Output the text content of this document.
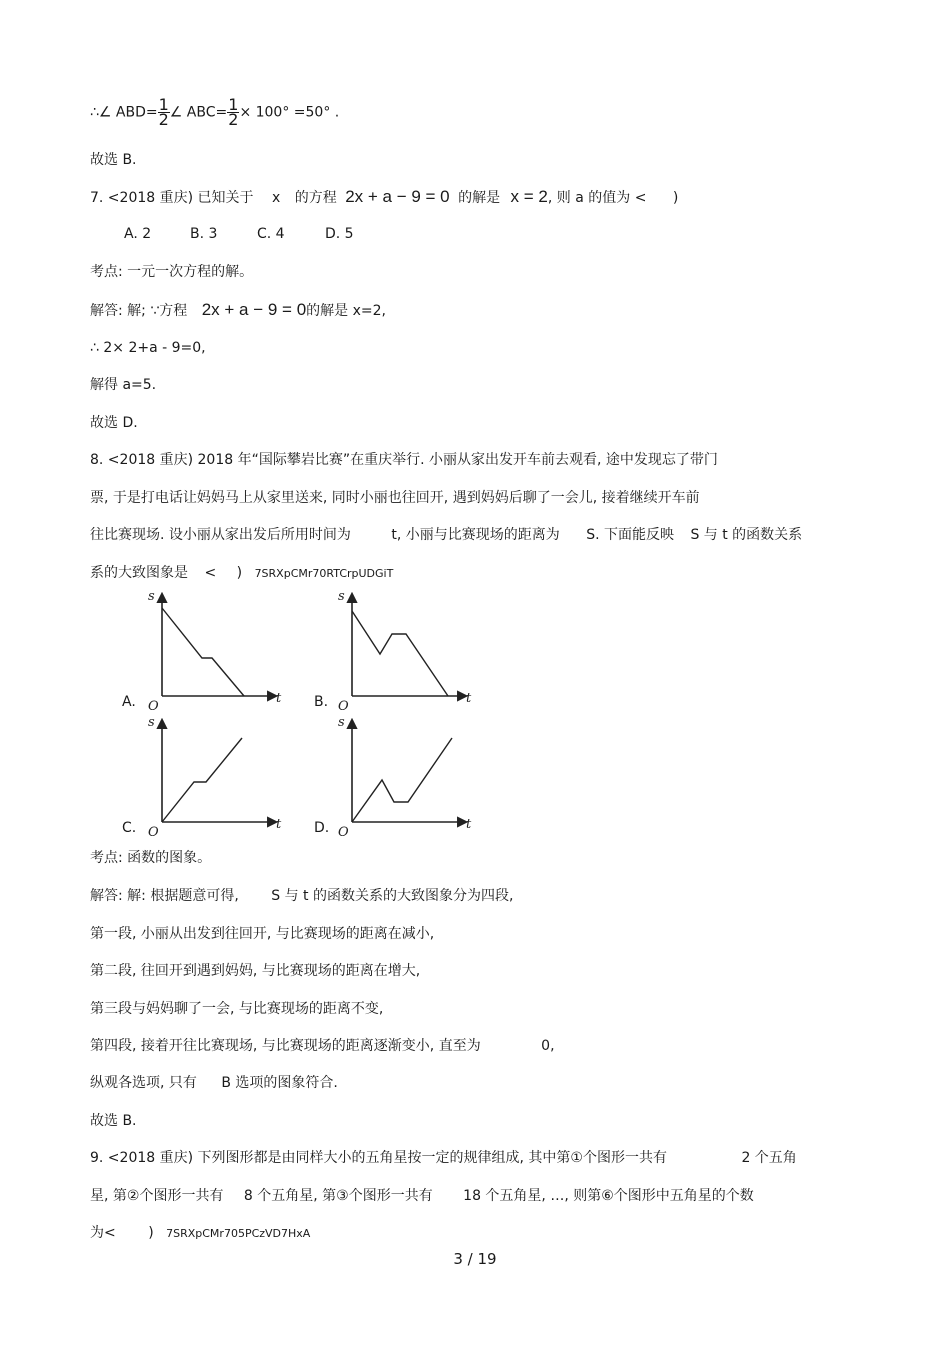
∴∠ $ABD= \frac{1}{2}$ ∠ $ABC= \frac{1}{2} \times 100^\circ =50^\circ$ .
故选 B.
7. <2018 重庆) 已知关于 x 的方程 2x + a − 9 = 0 的解是 x = 2, 则 a 的值为 < )
A. 2	B. 3	C. 4	D. 5
考点: 一元一次方程的解。
解答: 解; ∵方程 2x + a − 9 = 0的解是 x=2,
∴ 2× 2+a - 9=0,
解得 a=5.
故选 D.
8. <2018 重庆) 2018 年“国际攀岩比赛”在重庆举行. 小丽从家出发开车前去观看, 途中发现忘了带门
票, 于是打电话让妈妈马上从家里送来, 同时小丽也往回开, 遇到妈妈后聊了一会儿, 接着继续开车前
往比赛现场. 设小丽从家出发后所用时间为	t, 小丽与比赛现场的距离为 S. 下面能反映 S 与 t 的函数关系
系的大致图象是 < ) 7SRXpCMr70RTCrpUDGiT
A.
s
O
t B.
s
O
t
C.
s
O
t D.
s
O
t
考点: 函数的图象。
解答: 解: 根据题意可得, S 与 t 的函数关系的大致图象分为四段,
第一段, 小丽从出发到往回开, 与比赛现场的距离在减小,
第二段, 往回开到遇到妈妈, 与比赛现场的距离在增大,
第三段与妈妈聊了一会, 与比赛现场的距离不变,
第四段, 接着开往比赛现场, 与比赛现场的距离逐渐变小, 直至为	0,
纵观各选项, 只有 B 选项的图象符合.
故选 B.
9. <2018 重庆) 下列图形都是由同样大小的五角星按一定的规律组成, 其中第①个图形一共有	2 个五角
星, 第②个图形一共有 8 个五角星, 第③个图形一共有 18 个五角星, …, 则第⑥个图形中五角星的个数
为< ) 7SRXpCMr705PCzVD7HxA
3 / 19
